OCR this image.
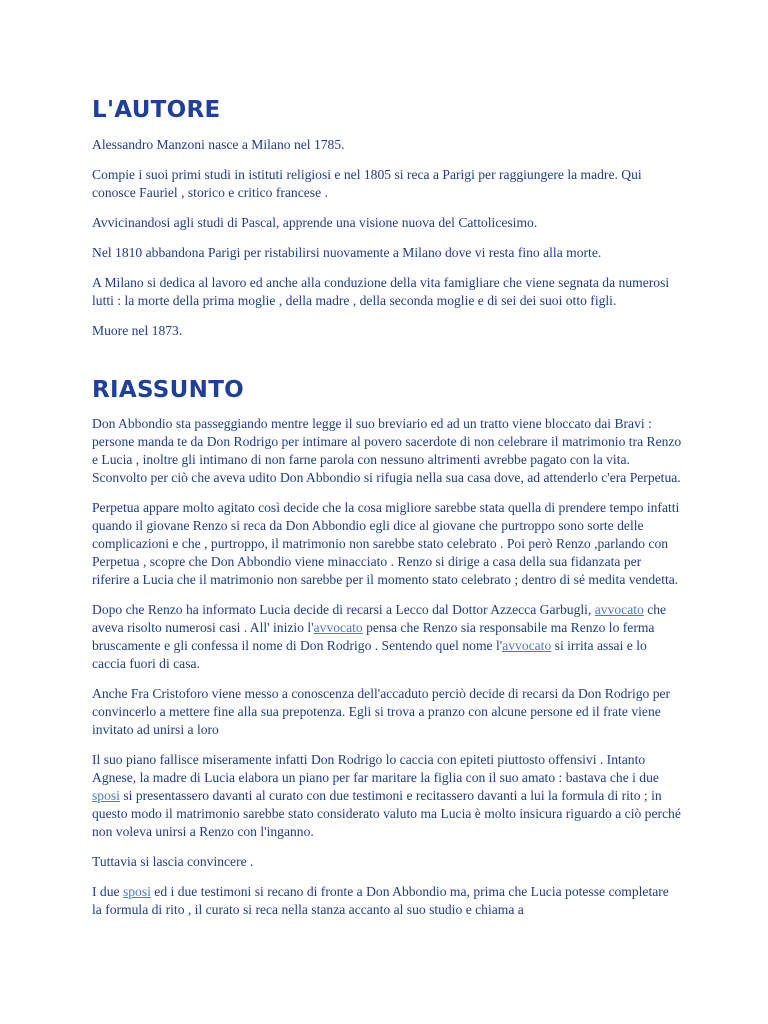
L'AUTORE

Alessandro Manzoni nasce a Milano nel 1785.

Compie i suoi primi studi in istituti religiosi e nel 1805 si reca a Parigi per raggiungere la madre. Qui conosce Fauriel , storico e critico francese .

Avvicinandosi agli studi di Pascal, apprende una visione nuova del Cattolicesimo.

Nel 1810 abbandona Parigi per ristabilirsi nuovamente a Milano dove vi resta fino alla morte.

A Milano si dedica al lavoro ed anche alla conduzione della vita famigliare che viene segnata da numerosi lutti : la morte della prima moglie , della madre , della seconda moglie e di sei dei suoi otto figli.

Muore nel 1873.

RIASSUNTO

Don Abbondio sta passeggiando mentre legge il suo breviario ed ad un tratto viene bloccato dai Bravi : persone manda te da Don Rodrigo per intimare al povero sacerdote di non celebrare il matrimonio tra Renzo e Lucia , inoltre gli intimano di non farne parola con nessuno altrimenti avrebbe pagato con la vita. Sconvolto per ciò che aveva udito Don Abbondio si rifugia nella sua casa dove, ad attenderlo c'era Perpetua.

Perpetua appare molto agitato così decide che la cosa migliore sarebbe stata quella di prendere tempo infatti quando il giovane Renzo si reca da Don Abbondio egli dice al giovane che purtroppo sono sorte delle complicazioni e che , purtroppo, il matrimonio non sarebbe stato celebrato . Poi però Renzo ,parlando con Perpetua , scopre che Don Abbondio viene minacciato . Renzo si dirige a casa della sua fidanzata per riferire a Lucia che il matrimonio non sarebbe per il momento stato celebrato ; dentro di sé medita vendetta.

Dopo che Renzo ha informato Lucia decide di recarsi a Lecco dal Dottor Azzecca Garbugli, avvocato che aveva risolto numerosi casi . All' inizio l'avvocato pensa che Renzo sia responsabile ma Renzo lo ferma bruscamente e gli confessa il nome di Don Rodrigo . Sentendo quel nome l'avvocato si irrita assai e lo caccia fuori di casa.

Anche Fra Cristoforo viene messo a conoscenza dell'accaduto perciò decide di recarsi da Don Rodrigo per convincerlo a mettere fine alla sua prepotenza. Egli si trova a pranzo con alcune persone ed il frate viene invitato ad unirsi a loro

Il suo piano fallisce miseramente infatti Don Rodrigo lo caccia con epiteti piuttosto offensivi . Intanto Agnese, la madre di Lucia elabora un piano per far maritare la figlia con il suo amato : bastava che i due sposi si presentassero davanti al curato con due testimoni e recitassero davanti a lui la formula di rito ; in questo modo il matrimonio sarebbe stato considerato valuto ma Lucia è molto insicura riguardo a ciò perché non voleva unirsi a Renzo con l'inganno.

Tuttavia si lascia convincere .

I due sposi ed i due testimoni si recano di fronte a Don Abbondio ma, prima che Lucia potesse completare la formula di rito , il curato si reca nella stanza accanto al suo studio e chiama a
